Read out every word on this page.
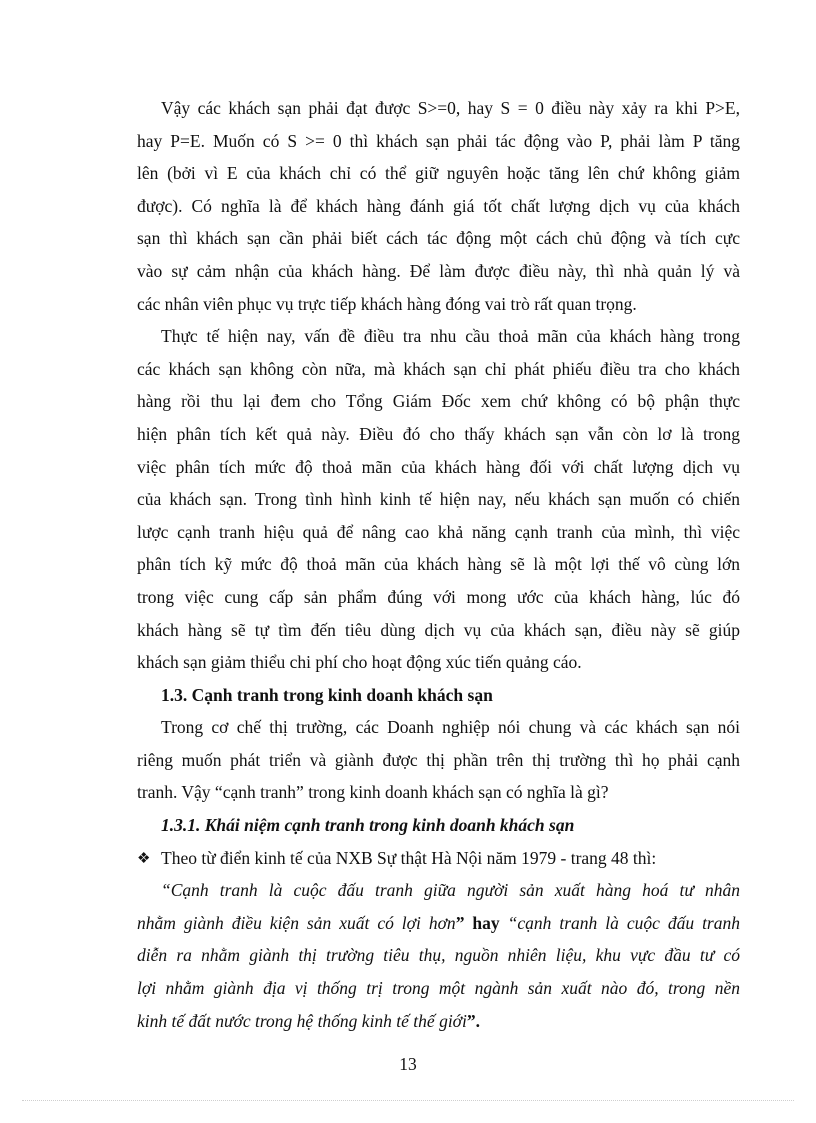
Vậy các khách sạn phải đạt được S>=0, hay S = 0 điều này xảy ra khi P>E,
hay P=E. Muốn có S >= 0 thì khách sạn phải tác động vào P, phải làm P tăng
lên (bởi vì E của khách chỉ có thể giữ nguyên hoặc tăng lên chứ không giảm
được). Có nghĩa là để khách hàng đánh giá tốt chất lượng dịch vụ của khách
sạn thì khách sạn cần phải biết cách tác động một cách chủ động và tích cực
vào sự cảm nhận của khách hàng. Để làm được điều này, thì nhà quản lý và
các nhân viên phục vụ trực tiếp khách hàng đóng vai trò rất quan trọng.
Thực tế hiện nay, vấn đề điều tra nhu cầu thoả mãn của khách hàng trong
các khách sạn không còn nữa, mà khách sạn chỉ phát phiếu điều tra cho khách
hàng rồi thu lại đem cho Tổng Giám Đốc xem chứ không có bộ phận thực
hiện phân tích kết quả này. Điều đó cho thấy khách sạn vẫn còn lơ là trong
việc phân tích mức độ thoả mãn của khách hàng đối với chất lượng dịch vụ
của khách sạn. Trong tình hình kinh tế hiện nay, nếu khách sạn muốn có chiến
lược cạnh tranh hiệu quả để nâng cao khả năng cạnh tranh của mình, thì việc
phân tích kỹ mức độ thoả mãn của khách hàng sẽ là một lợi thế vô cùng lớn
trong việc cung cấp sản phẩm đúng với mong ước của khách hàng, lúc đó
khách hàng sẽ tự tìm đến tiêu dùng dịch vụ của khách sạn, điều này sẽ giúp
khách sạn giảm thiểu chi phí cho hoạt động xúc tiến quảng cáo.
1.3. Cạnh tranh trong kinh doanh khách sạn
Trong cơ chế thị trường, các Doanh nghiệp nói chung và các khách sạn nói
riêng muốn phát triển và giành được thị phần trên thị trường thì họ phải cạnh
tranh. Vậy “cạnh tranh” trong kinh doanh khách sạn có nghĩa là gì?
1.3.1. Khái niệm cạnh tranh trong kinh doanh khách sạn
❖ Theo từ điển kinh tế của NXB Sự thật Hà Nội năm 1979 - trang 48 thì:
“Cạnh tranh là cuộc đấu tranh giữa người sản xuất hàng hoá tư nhân
nhằm giành điều kiện sản xuất có lợi hơn” hay “cạnh tranh là cuộc đấu tranh
diễn ra nhằm giành thị trường tiêu thụ, nguồn nhiên liệu, khu vực đầu tư có
lợi nhằm giành địa vị thống trị trong một ngành sản xuất nào đó, trong nền
kinh tế đất nước trong hệ thống kinh tế thế giới”.
13
